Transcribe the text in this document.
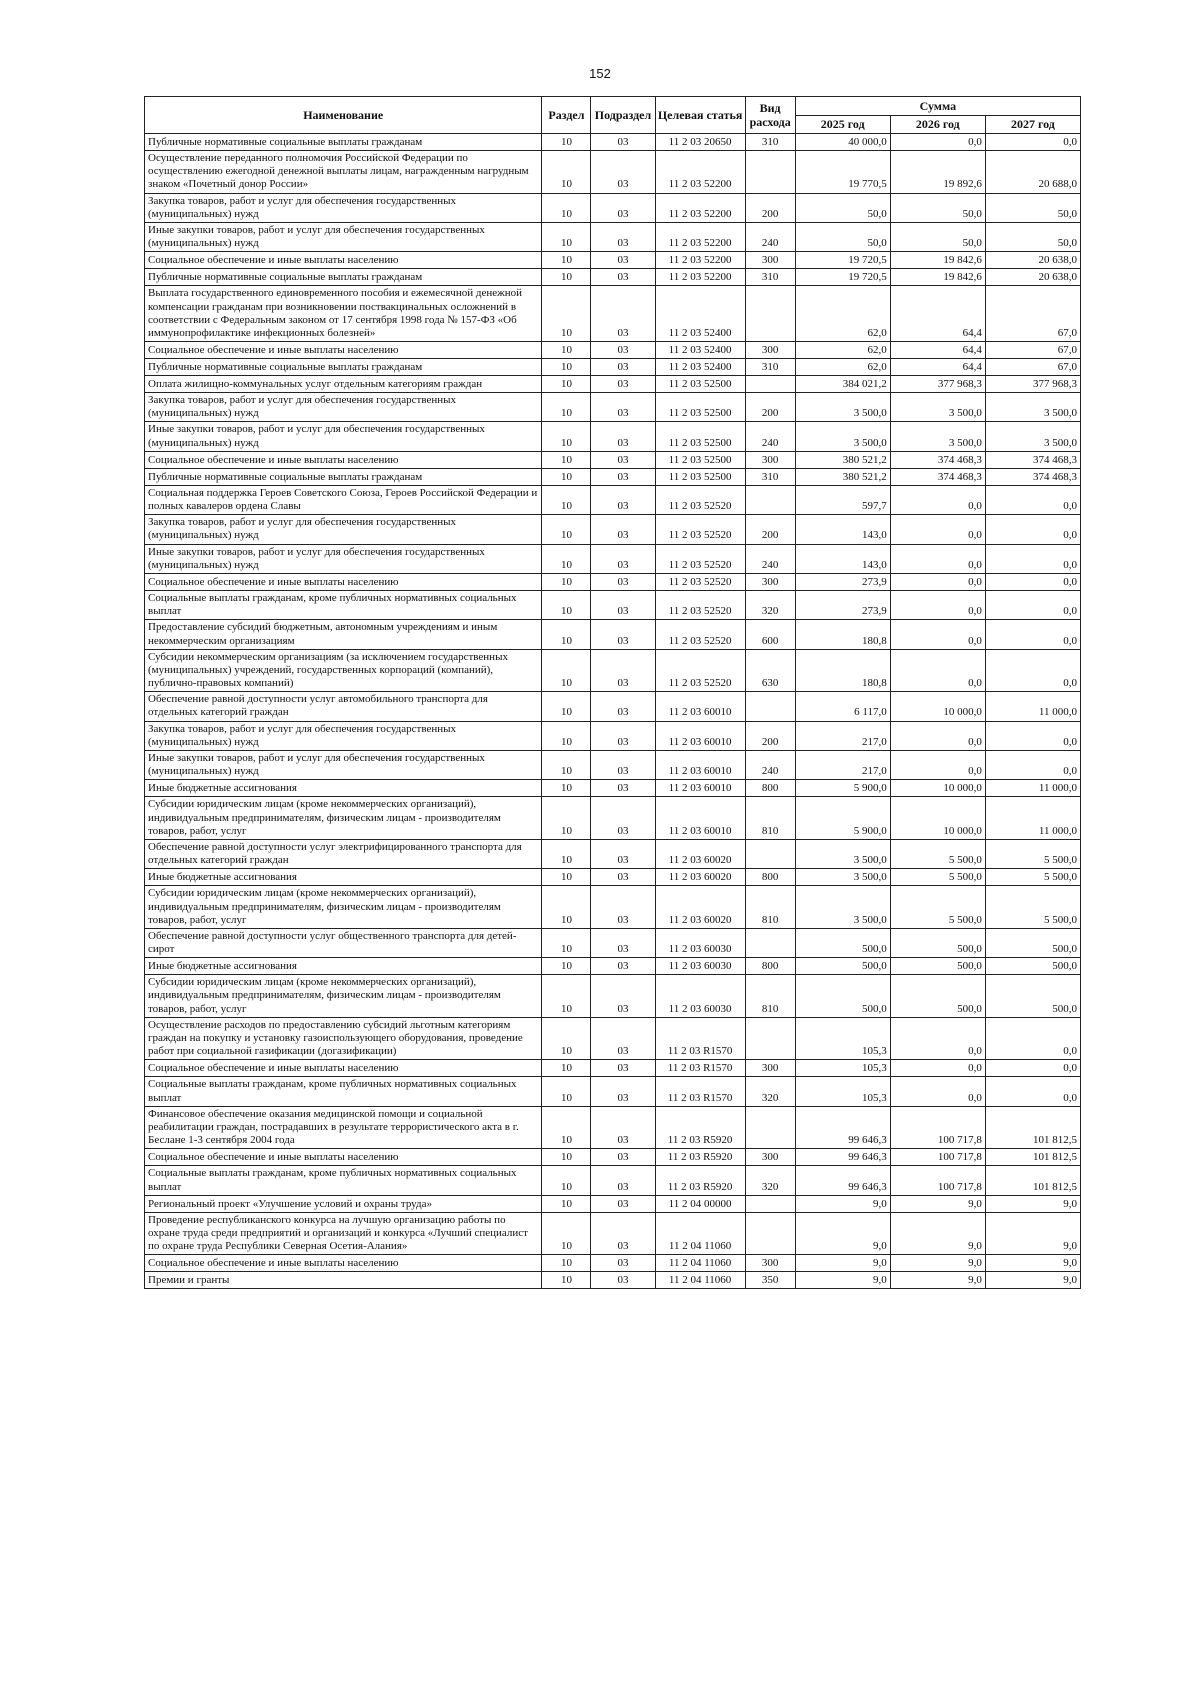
152
Наименование	Раздел	Подраздел	Целевая статья	Вид расхода	Сумма		
					2025 год	2026 год	2027 год
Публичные нормативные социальные выплаты гражданам	10	03	11 2 03 20650	310	40 000,0	0,0	0,0
Осуществление переданного полномочия Российской Федерации по осуществлению ежегодной денежной выплаты лицам, награжденным нагрудным знаком «Почетный донор России»	10	03	11 2 03 52200		19 770,5	19 892,6	20 688,0
Закупка товаров, работ и услуг для обеспечения государственных (муниципальных) нужд	10	03	11 2 03 52200	200	50,0	50,0	50,0
Иные закупки товаров, работ и услуг для обеспечения государственных (муниципальных) нужд	10	03	11 2 03 52200	240	50,0	50,0	50,0
Социальное обеспечение и иные выплаты населению	10	03	11 2 03 52200	300	19 720,5	19 842,6	20 638,0
Публичные нормативные социальные выплаты гражданам	10	03	11 2 03 52200	310	19 720,5	19 842,6	20 638,0
Выплата государственного единовременного пособия и ежемесячной денежной компенсации гражданам при возникновении поствакцинальных осложнений в соответствии с Федеральным законом от 17 сентября 1998 года № 157-ФЗ «Об иммунопрофилактике инфекционных болезней»	10	03	11 2 03 52400		62,0	64,4	67,0
Социальное обеспечение и иные выплаты населению	10	03	11 2 03 52400	300	62,0	64,4	67,0
Публичные нормативные социальные выплаты гражданам	10	03	11 2 03 52400	310	62,0	64,4	67,0
Оплата жилищно-коммунальных услуг отдельным категориям граждан	10	03	11 2 03 52500		384 021,2	377 968,3	377 968,3
Закупка товаров, работ и услуг для обеспечения государственных (муниципальных) нужд	10	03	11 2 03 52500	200	3 500,0	3 500,0	3 500,0
Иные закупки товаров, работ и услуг для обеспечения государственных (муниципальных) нужд	10	03	11 2 03 52500	240	3 500,0	3 500,0	3 500,0
Социальное обеспечение и иные выплаты населению	10	03	11 2 03 52500	300	380 521,2	374 468,3	374 468,3
Публичные нормативные социальные выплаты гражданам	10	03	11 2 03 52500	310	380 521,2	374 468,3	374 468,3
Социальная поддержка Героев Советского Союза, Героев Российской Федерации и полных кавалеров ордена Славы	10	03	11 2 03 52520		597,7	0,0	0,0
Закупка товаров, работ и услуг для обеспечения государственных (муниципальных) нужд	10	03	11 2 03 52520	200	143,0	0,0	0,0
Иные закупки товаров, работ и услуг для обеспечения государственных (муниципальных) нужд	10	03	11 2 03 52520	240	143,0	0,0	0,0
Социальное обеспечение и иные выплаты населению	10	03	11 2 03 52520	300	273,9	0,0	0,0
Социальные выплаты гражданам, кроме публичных нормативных социальных выплат	10	03	11 2 03 52520	320	273,9	0,0	0,0
Предоставление субсидий бюджетным, автономным учреждениям и иным некоммерческим организациям	10	03	11 2 03 52520	600	180,8	0,0	0,0
Субсидии некоммерческим организациям (за исключением государственных (муниципальных) учреждений, государственных корпораций (компаний), публично-правовых компаний)	10	03	11 2 03 52520	630	180,8	0,0	0,0
Обеспечение равной доступности услуг автомобильного транспорта для отдельных категорий граждан	10	03	11 2 03 60010		6 117,0	10 000,0	11 000,0
Закупка товаров, работ и услуг для обеспечения государственных (муниципальных) нужд	10	03	11 2 03 60010	200	217,0	0,0	0,0
Иные закупки товаров, работ и услуг для обеспечения государственных (муниципальных) нужд	10	03	11 2 03 60010	240	217,0	0,0	0,0
Иные бюджетные ассигнования	10	03	11 2 03 60010	800	5 900,0	10 000,0	11 000,0
Субсидии юридическим лицам (кроме некоммерческих организаций), индивидуальным предпринимателям, физическим лицам - производителям товаров, работ, услуг	10	03	11 2 03 60010	810	5 900,0	10 000,0	11 000,0
Обеспечение равной доступности услуг электрифицированного транспорта для отдельных категорий граждан	10	03	11 2 03 60020		3 500,0	5 500,0	5 500,0
Иные бюджетные ассигнования	10	03	11 2 03 60020	800	3 500,0	5 500,0	5 500,0
Субсидии юридическим лицам (кроме некоммерческих организаций), индивидуальным предпринимателям, физическим лицам - производителям товаров, работ, услуг	10	03	11 2 03 60020	810	3 500,0	5 500,0	5 500,0
Обеспечение равной доступности услуг общественного транспорта для детей-сирот	10	03	11 2 03 60030		500,0	500,0	500,0
Иные бюджетные ассигнования	10	03	11 2 03 60030	800	500,0	500,0	500,0
Субсидии юридическим лицам (кроме некоммерческих организаций), индивидуальным предпринимателям, физическим лицам - производителям товаров, работ, услуг	10	03	11 2 03 60030	810	500,0	500,0	500,0
Осуществление расходов по предоставлению субсидий льготным категориям граждан на покупку и установку газоиспользующего оборудования, проведение работ при социальной газификации (догазификации)	10	03	11 2 03 R1570		105,3	0,0	0,0
Социальное обеспечение и иные выплаты населению	10	03	11 2 03 R1570	300	105,3	0,0	0,0
Социальные выплаты гражданам, кроме публичных нормативных социальных выплат	10	03	11 2 03 R1570	320	105,3	0,0	0,0
Финансовое обеспечение оказания медицинской помощи и социальной реабилитации граждан, пострадавших в результате террористического акта в г. Беслане 1-3 сентября 2004 года	10	03	11 2 03 R5920		99 646,3	100 717,8	101 812,5
Социальное обеспечение и иные выплаты населению	10	03	11 2 03 R5920	300	99 646,3	100 717,8	101 812,5
Социальные выплаты гражданам, кроме публичных нормативных социальных выплат	10	03	11 2 03 R5920	320	99 646,3	100 717,8	101 812,5
Региональный проект «Улучшение условий и охраны труда»	10	03	11 2 04 00000		9,0	9,0	9,0
Проведение республиканского конкурса на лучшую организацию работы по охране труда среди предприятий и организаций и конкурса «Лучший специалист по охране труда Республики Северная Осетия-Алания»	10	03	11 2 04 11060		9,0	9,0	9,0
Социальное обеспечение и иные выплаты населению	10	03	11 2 04 11060	300	9,0	9,0	9,0
Премии и гранты	10	03	11 2 04 11060	350	9,0	9,0	9,0
